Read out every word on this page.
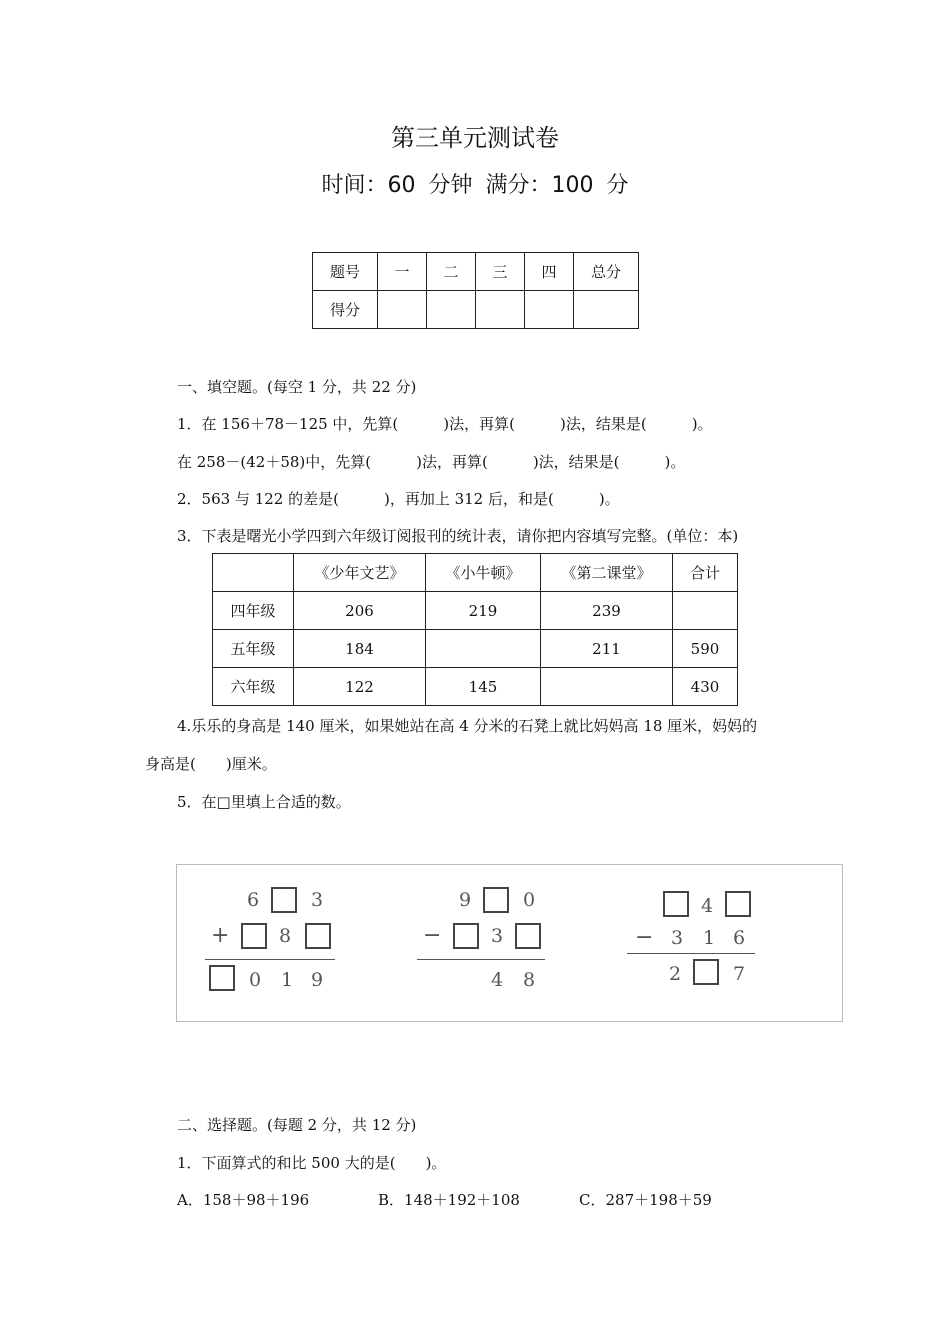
第三单元测试卷
时间：60 分钟 满分：100 分
题号	一	二	三	四	总分
得分					
一、填空题。(每空 1 分，共 22 分)
1．在 156＋78－125 中，先算(　　　)法，再算(　　　)法，结果是(　　　)。
在 258－(42＋58)中，先算(　　　)法，再算(　　　)法，结果是(　　　)。
2．563 与 122 的差是(　　　)，再加上 312 后，和是(　　　)。
3．下表是曙光小学四到六年级订阅报刊的统计表，请你把内容填写完整。(单位：本)
	《少年文艺》	《小牛顿》	《第二课堂》	合计
四年级	206	219	239	
五年级	184		211	590
六年级	122	145		430
4.乐乐的身高是 140 厘米，如果她站在高 4 分米的石凳上就比妈妈高 18 厘米，妈妈的
身高是(　　)厘米。
5．在□里填上合适的数。
6	3
+	8
0 1 9
9	0
−	3
4 8
4
− 3 1 6
2	7
二、选择题。(每题 2 分，共 12 分)
1．下面算式的和比 500 大的是(　　)。
A．158＋98＋196	B．148＋192＋108	C．287＋198＋59
